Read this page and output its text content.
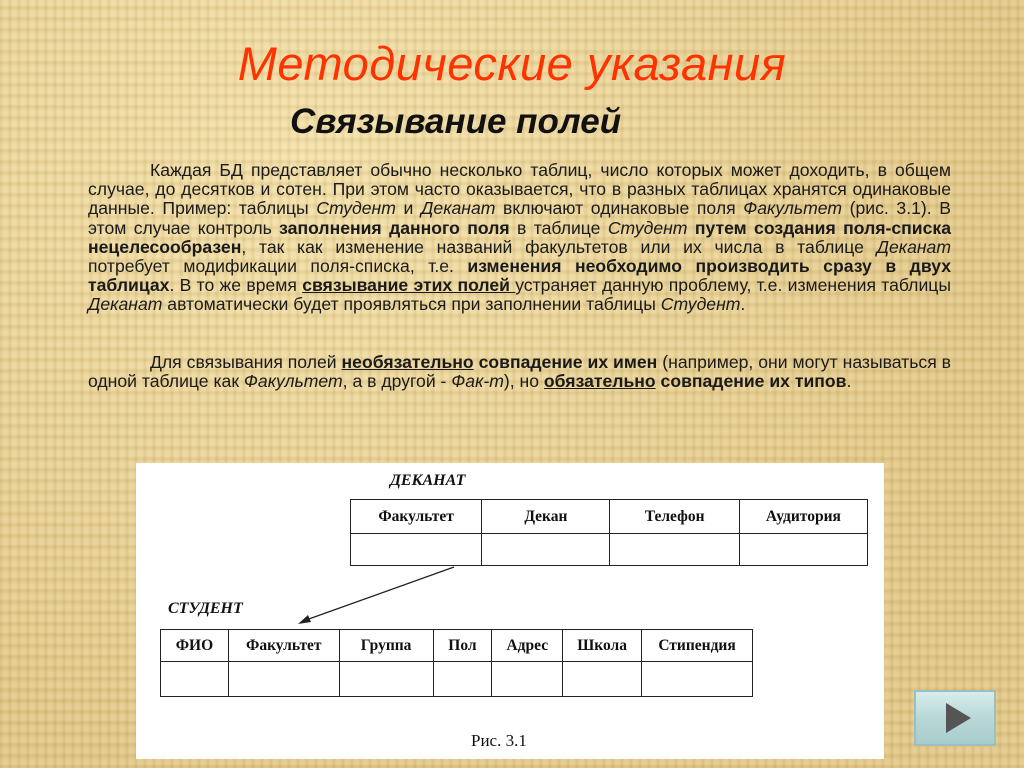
Методические указания
Связывание полей

Каждая БД представляет обычно несколько таблиц, число которых может доходить, в общем случае, до десятков и сотен. При этом часто оказывается, что в разных таблицах хранятся одинаковые данные. Пример: таблицы Студент и Деканат включают одинаковые поля Факультет (рис. 3.1). В этом случае контроль заполнения данного поля в таблице Студент путем создания поля-списка нецелесообразен, так как изменение названий факультетов или их числа в таблице Деканат потребует модификации поля-списка, т.е. изменения необходимо производить сразу в двух таблицах. В то же время связывание этих полей устраняет данную проблему, т.е. изменения таблицы Деканат автоматически будет проявляться при заполнении таблицы Студент.

Для связывания полей необязательно совпадение их имен (например, они могут называться в одной таблице как Факультет, а в другой - Фак-т), но обязательно совпадение их типов.

ДЕКАНАТ
Факультет	Декан	Телефон	Аудитория

СТУДЕНТ
ФИО	Факультет	Группа	Пол	Адрес	Школа	Стипендия

Рис. 3.1
